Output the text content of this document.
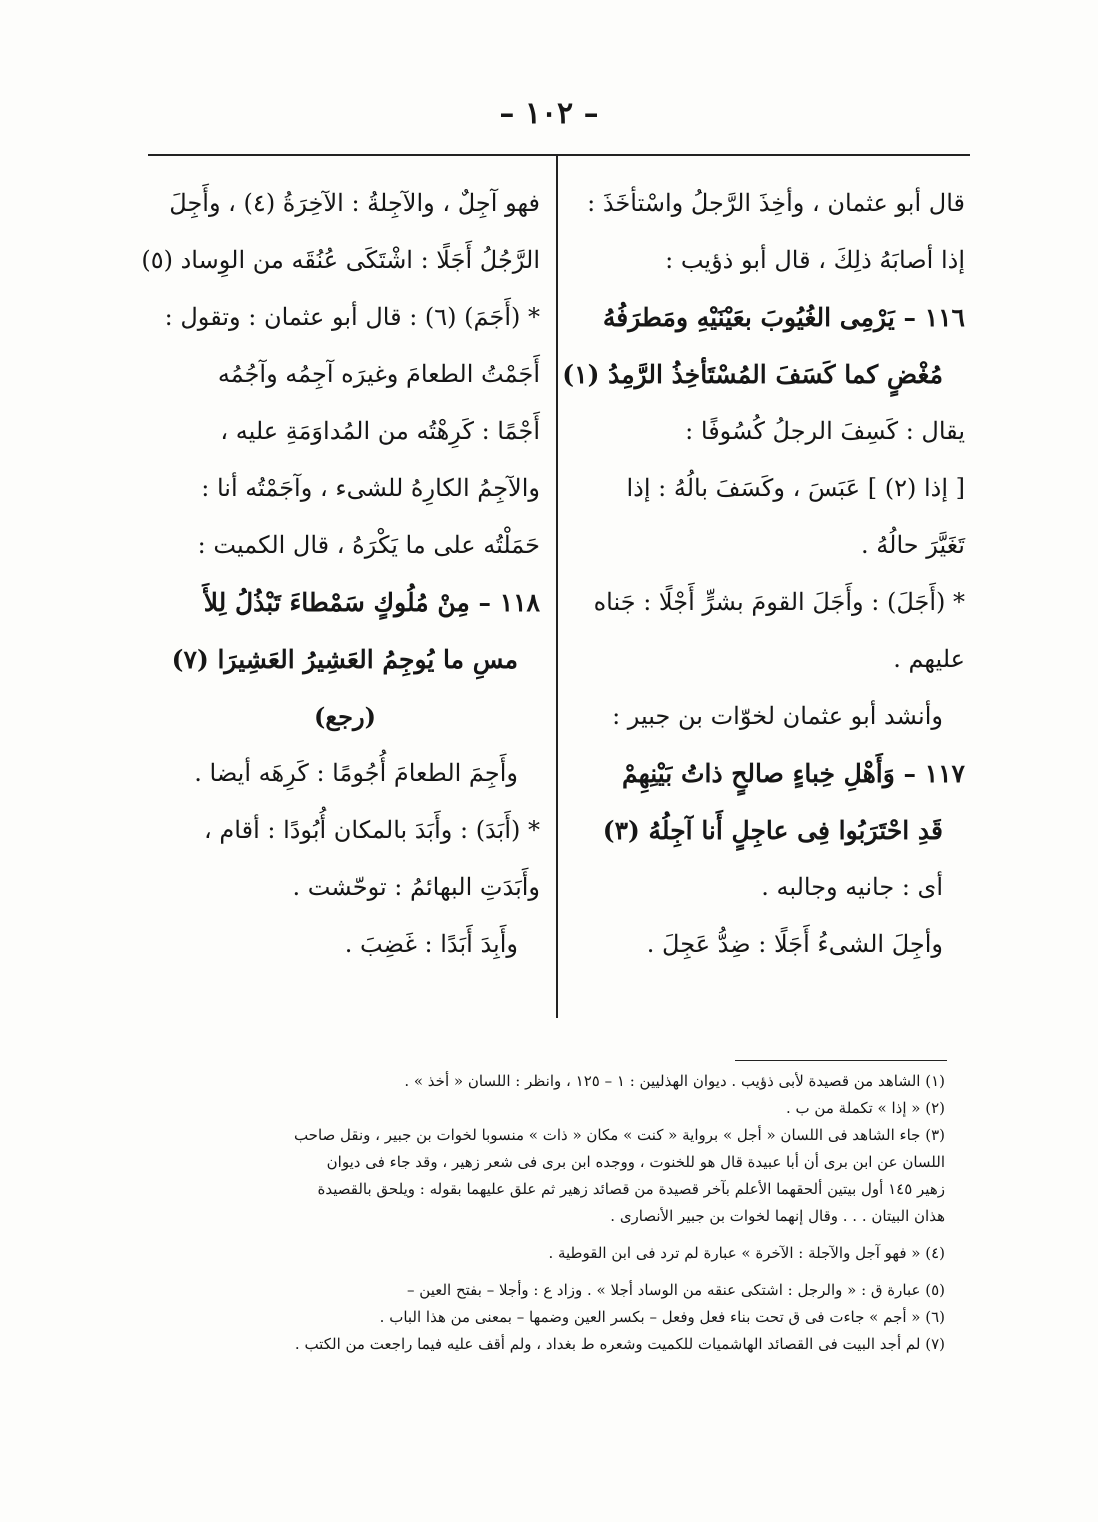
– ١٠٢ –
قال أبو عثمان ، وأخِذَ الرَّجلُ واسْتأخَذَ :
إذا أصابَهُ ذلِكَ ، قال أبو ذؤيب :
١١٦ – يَرْمِى الغُيُوبَ بعَيْنَيْهِ ومَطرَفُهُ
مُغْضٍ كما كَسَفَ المُسْتَأخِذُ الرَّمِدُ (١)
يقال : كَسِفَ الرجلُ كُسُوفًا :
[ إذا (٢) ] عَبَسَ ، وكَسَفَ بالُهُ : إذا
تَغَيَّرَ حالُهُ .
* (أَجَلَ) : وأَجَلَ القومَ بشرٍّ أَجْلًا : جَناه
عليهم .
وأنشد أبو عثمان لخوّات بن جبير :
١١٧ – وَأَهْلِ خِباءٍ صالحٍ ذاتُ بَيْنِهِمْ
قَدِ احْتَرَبُوا فِى عاجِلٍ أَنا آجِلُهُ (٣)
أى : جانيه وجالبه .
وأجِلَ الشىءُ أَجَلًا : ضِدُّ عَجِلَ .
فهو آجِلٌ ، والآجِلةُ : الآخِرَةُ (٤) ، وأَجِلَ
الرَّجُلُ أَجَلًا : اشْتَكَى عُنُقَه من الوِساد (٥)
* (أَجَمَ) (٦) : قال أبو عثمان : وتقول :
أَجَمْتُ الطعامَ وغيرَه آجِمُه وآجُمُه
أَجْمًا : كَرِهْتُه من المُداوَمَةِ عليه ،
والآجِمُ الكارِهُ للشىء ، وآجَمْتُه أنا :
حَمَلْتُه على ما يَكْرَهُ ، قال الكميت :
١١٨ – مِنْ مُلُوكٍ سَمْطاءَ تَبْذُلُ لِلأَ
مسِ ما يُوجِمُ العَشِيرُ العَشِيرَا (٧)
(رجع)
وأَجِمَ الطعامَ أُجُومًا : كَرِهَه أيضا .
* (أَبَدَ) : وأَبَدَ بالمكان أُبُودًا : أقام ،
وأَبَدَتِ البهائمُ : توحّشت .
وأَبِدَ أَبَدًا : غَضِبَ .
(١) الشاهد من قصيدة لأبى ذؤيب . ديوان الهذليين : ١ – ١٢٥ ، وانظر : اللسان « أخذ » .
(٢) « إذا » تكملة من ب .
(٣) جاء الشاهد فى اللسان « أجل » برواية « كنت » مكان « ذات » منسوبا لخوات بن جبير ، ونقل صاحب
اللسان عن ابن برى أن أبا عبيدة قال هو للخنوت ، ووجده ابن برى فى شعر زهير ، وقد جاء فى ديوان
زهير ١٤٥ أول بيتين ألحقهما الأعلم بآخر قصيدة من قصائد زهير ثم علق عليهما بقوله : ويلحق بالقصيدة
هذان البيتان . . . وقال إنهما لخوات بن جبير الأنصارى .
(٤) « فهو آجل والآجلة : الآخرة » عبارة لم ترد فى ابن القوطية .
(٥) عبارة ق : « والرجل : اشتكى عنقه من الوساد أجلا » . وزاد ع : وأجلا – بفتح العين –
(٦) « أجم » جاءت فى ق تحت بناء فعل وفعل – بكسر العين وضمها – بمعنى من هذا الباب .
(٧) لم أجد البيت فى القصائد الهاشميات للكميت وشعره ط بغداد ، ولم أقف عليه فيما راجعت من الكتب .
